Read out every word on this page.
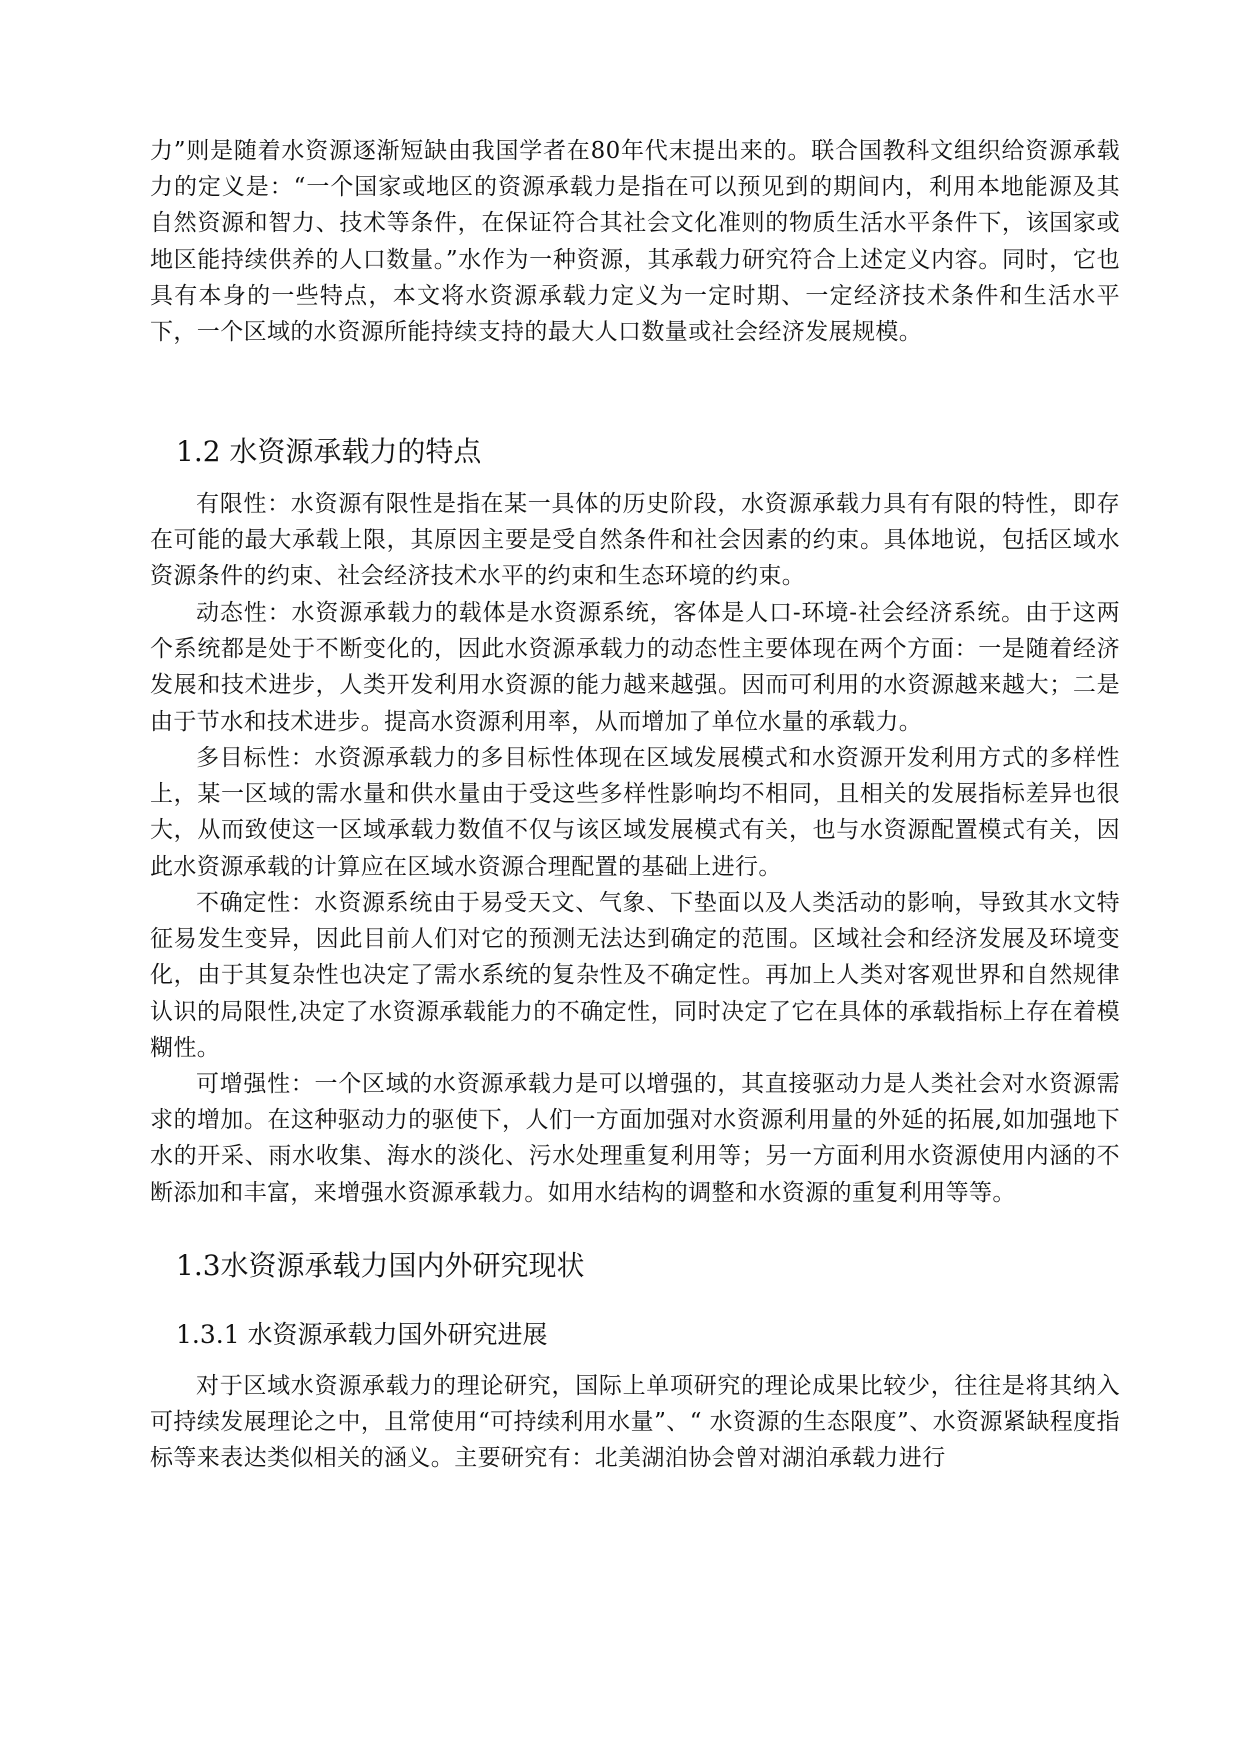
力”则是随着水资源逐渐短缺由我国学者在80年代末提出来的。联合国教科文组织给资源承载力的定义是：“一个国家或地区的资源承载力是指在可以预见到的期间内，利用本地能源及其自然资源和智力、技术等条件，在保证符合其社会文化准则的物质生活水平条件下，该国家或地区能持续供养的人口数量。”水作为一种资源，其承载力研究符合上述定义内容。同时，它也具有本身的一些特点，本文将水资源承载力定义为一定时期、一定经济技术条件和生活水平下，一个区域的水资源所能持续支持的最大人口数量或社会经济发展规模。

1.2 水资源承载力的特点

有限性：水资源有限性是指在某一具体的历史阶段，水资源承载力具有有限的特性，即存在可能的最大承载上限，其原因主要是受自然条件和社会因素的约束。具体地说，包括区域水资源条件的约束、社会经济技术水平的约束和生态环境的约束。

动态性：水资源承载力的载体是水资源系统，客体是人口-环境-社会经济系统。由于这两个系统都是处于不断变化的，因此水资源承载力的动态性主要体现在两个方面：一是随着经济发展和技术进步，人类开发利用水资源的能力越来越强。因而可利用的水资源越来越大；二是由于节水和技术进步。提高水资源利用率，从而增加了单位水量的承载力。

多目标性：水资源承载力的多目标性体现在区域发展模式和水资源开发利用方式的多样性上，某一区域的需水量和供水量由于受这些多样性影响均不相同，且相关的发展指标差异也很大，从而致使这一区域承载力数值不仅与该区域发展模式有关，也与水资源配置模式有关，因此水资源承载的计算应在区域水资源合理配置的基础上进行。

不确定性：水资源系统由于易受天文、气象、下垫面以及人类活动的影响，导致其水文特征易发生变异，因此目前人们对它的预测无法达到确定的范围。区域社会和经济发展及环境变化，由于其复杂性也决定了需水系统的复杂性及不确定性。再加上人类对客观世界和自然规律认识的局限性,决定了水资源承载能力的不确定性，同时决定了它在具体的承载指标上存在着模糊性。

可增强性：一个区域的水资源承载力是可以增强的，其直接驱动力是人类社会对水资源需求的增加。在这种驱动力的驱使下，人们一方面加强对水资源利用量的外延的拓展,如加强地下水的开采、雨水收集、海水的淡化、污水处理重复利用等；另一方面利用水资源使用内涵的不断添加和丰富，来增强水资源承载力。如用水结构的调整和水资源的重复利用等等。

1.3水资源承载力国内外研究现状
1.3.1 水资源承载力国外研究进展

对于区域水资源承载力的理论研究，国际上单项研究的理论成果比较少，往往是将其纳入可持续发展理论之中，且常使用“可持续利用水量”、“ 水资源的生态限度”、水资源紧缺程度指标等来表达类似相关的涵义。主要研究有：北美湖泊协会曾对湖泊承载力进行
